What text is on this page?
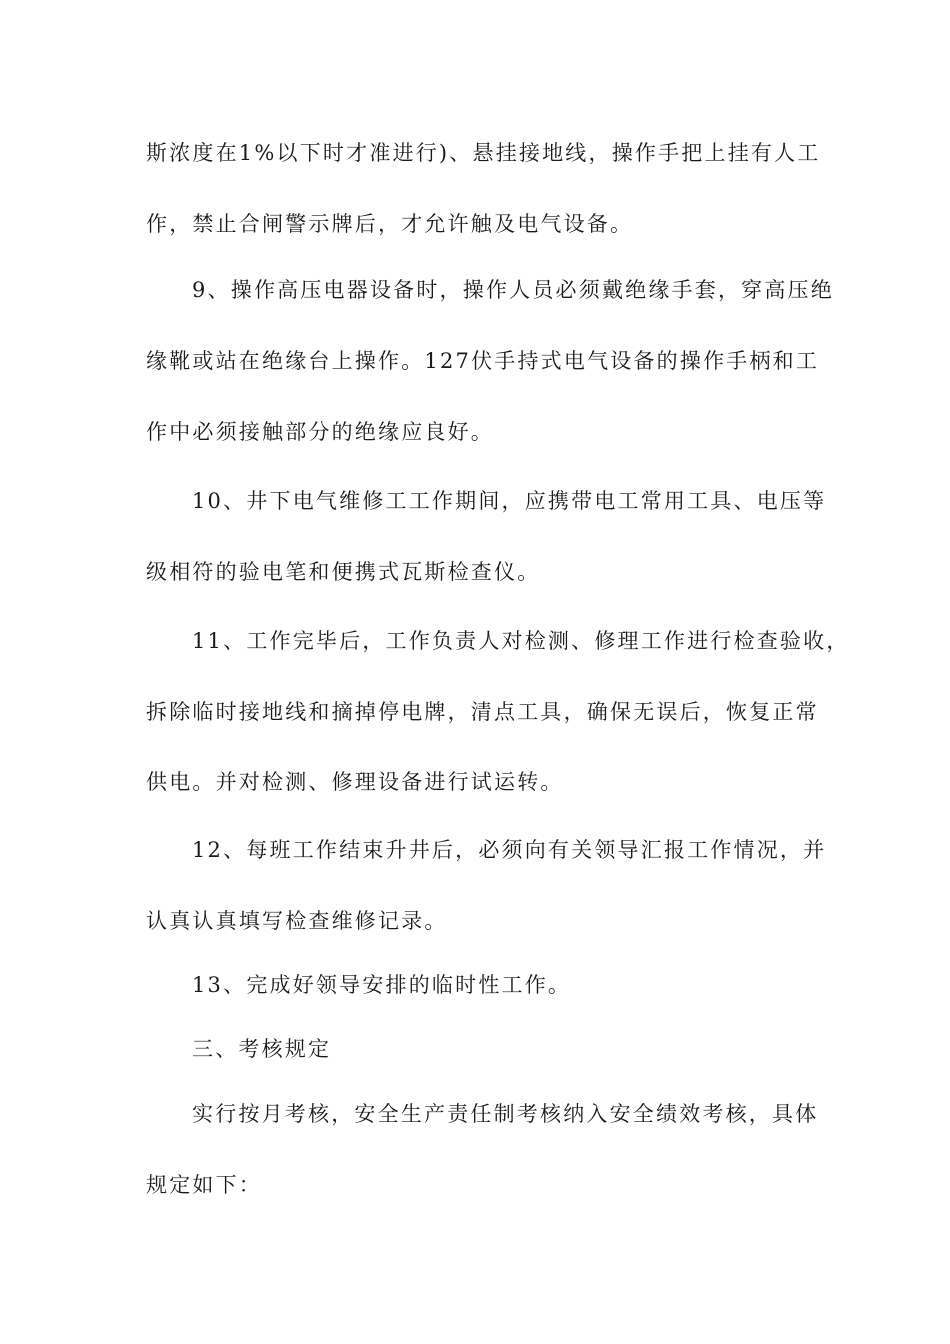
斯浓度在1%以下时才准进行)、悬挂接地线，操作手把上挂有人工
作，禁止合闸警示牌后，才允许触及电气设备。
9、操作高压电器设备时，操作人员必须戴绝缘手套，穿高压绝
缘靴或站在绝缘台上操作。127伏手持式电气设备的操作手柄和工
作中必须接触部分的绝缘应良好。
10、井下电气维修工工作期间，应携带电工常用工具、电压等
级相符的验电笔和便携式瓦斯检查仪。
11、工作完毕后，工作负责人对检测、修理工作进行检查验收，
拆除临时接地线和摘掉停电牌，清点工具，确保无误后，恢复正常
供电。并对检测、修理设备进行试运转。
12、每班工作结束升井后，必须向有关领导汇报工作情况，并
认真认真填写检查维修记录。
13、完成好领导安排的临时性工作。
三、考核规定
实行按月考核，安全生产责任制考核纳入安全绩效考核，具体
规定如下：
